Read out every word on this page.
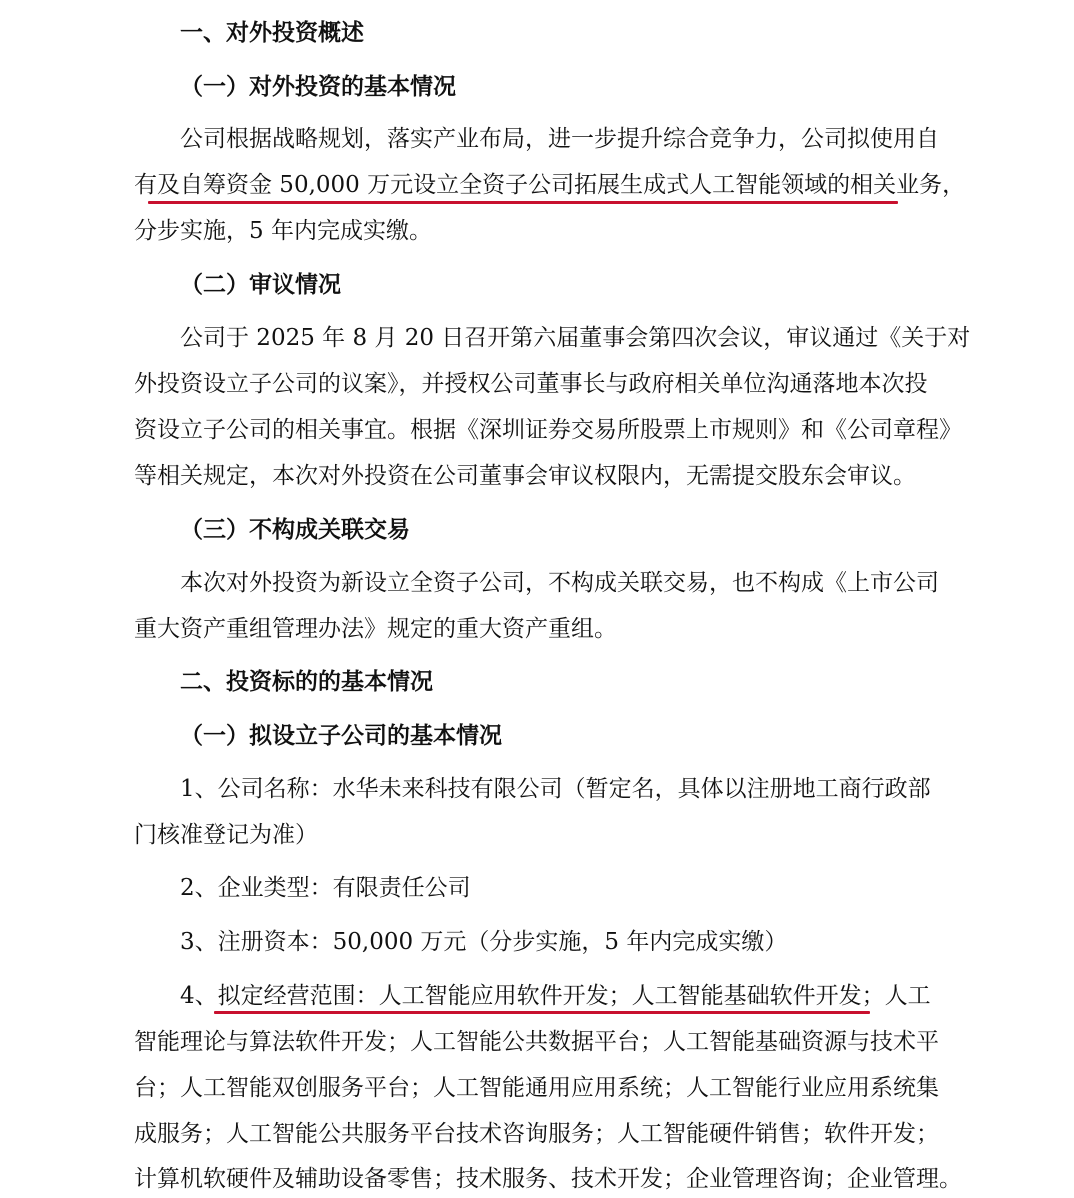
一、对外投资概述
（一）对外投资的基本情况
公司根据战略规划，落实产业布局，进一步提升综合竞争力，公司拟使用自
有及自筹资金 50,000 万元设立全资子公司拓展生成式人工智能领域的相关业务，
分步实施，5 年内完成实缴。
（二）审议情况
公司于 2025 年 8 月 20 日召开第六届董事会第四次会议，审议通过《关于对
外投资设立子公司的议案》，并授权公司董事长与政府相关单位沟通落地本次投
资设立子公司的相关事宜。根据《深圳证券交易所股票上市规则》和《公司章程》
等相关规定，本次对外投资在公司董事会审议权限内，无需提交股东会审议。
（三）不构成关联交易
本次对外投资为新设立全资子公司，不构成关联交易，也不构成《上市公司
重大资产重组管理办法》规定的重大资产重组。
二、投资标的的基本情况
（一）拟设立子公司的基本情况
1、公司名称：水华未来科技有限公司（暂定名，具体以注册地工商行政部
门核准登记为准）
2、企业类型：有限责任公司
3、注册资本：50,000 万元（分步实施，5 年内完成实缴）
4、拟定经营范围：人工智能应用软件开发；人工智能基础软件开发；人工
智能理论与算法软件开发；人工智能公共数据平台；人工智能基础资源与技术平
台；人工智能双创服务平台；人工智能通用应用系统；人工智能行业应用系统集
成服务；人工智能公共服务平台技术咨询服务；人工智能硬件销售；软件开发；
计算机软硬件及辅助设备零售；技术服务、技术开发；企业管理咨询；企业管理。
